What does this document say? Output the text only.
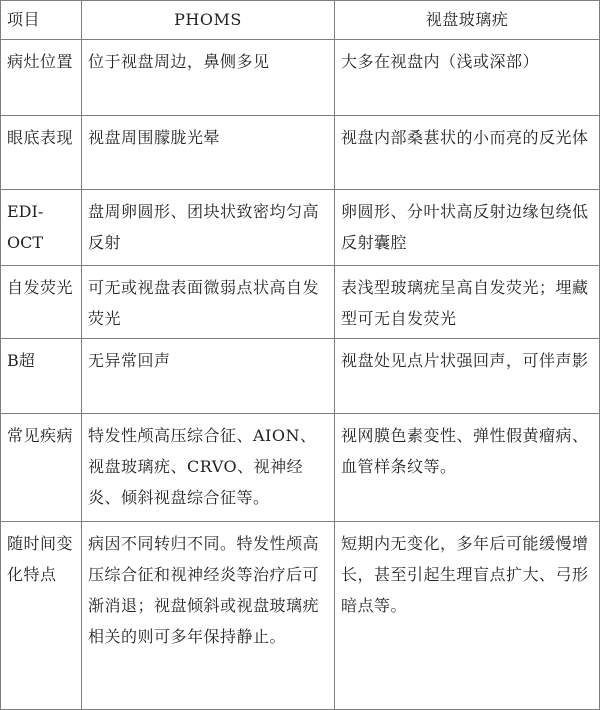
项目	PHOMS	视盘玻璃疣
病灶位置	位于视盘周边，鼻侧多见	大多在视盘内（浅或深部）
眼底表现	视盘周围朦胧光晕	视盘内部桑葚状的小而亮的反光体
EDI-OCT	盘周卵圆形、团块状致密均匀高反射	卵圆形、分叶状高反射边缘包绕低反射囊腔
自发荧光	可无或视盘表面微弱点状高自发荧光	表浅型玻璃疣呈高自发荧光；埋藏型可无自发荧光
B超	无异常回声	视盘处见点片状强回声，可伴声影
常见疾病	特发性颅高压综合征、AION、视盘玻璃疣、CRVO、视神经炎、倾斜视盘综合征等。	视网膜色素变性、弹性假黄瘤病、血管样条纹等。
随时间变化特点	病因不同转归不同。特发性颅高压综合征和视神经炎等治疗后可渐消退；视盘倾斜或视盘玻璃疣相关的则可多年保持静止。	短期内无变化，多年后可能缓慢增长，甚至引起生理盲点扩大、弓形暗点等。
